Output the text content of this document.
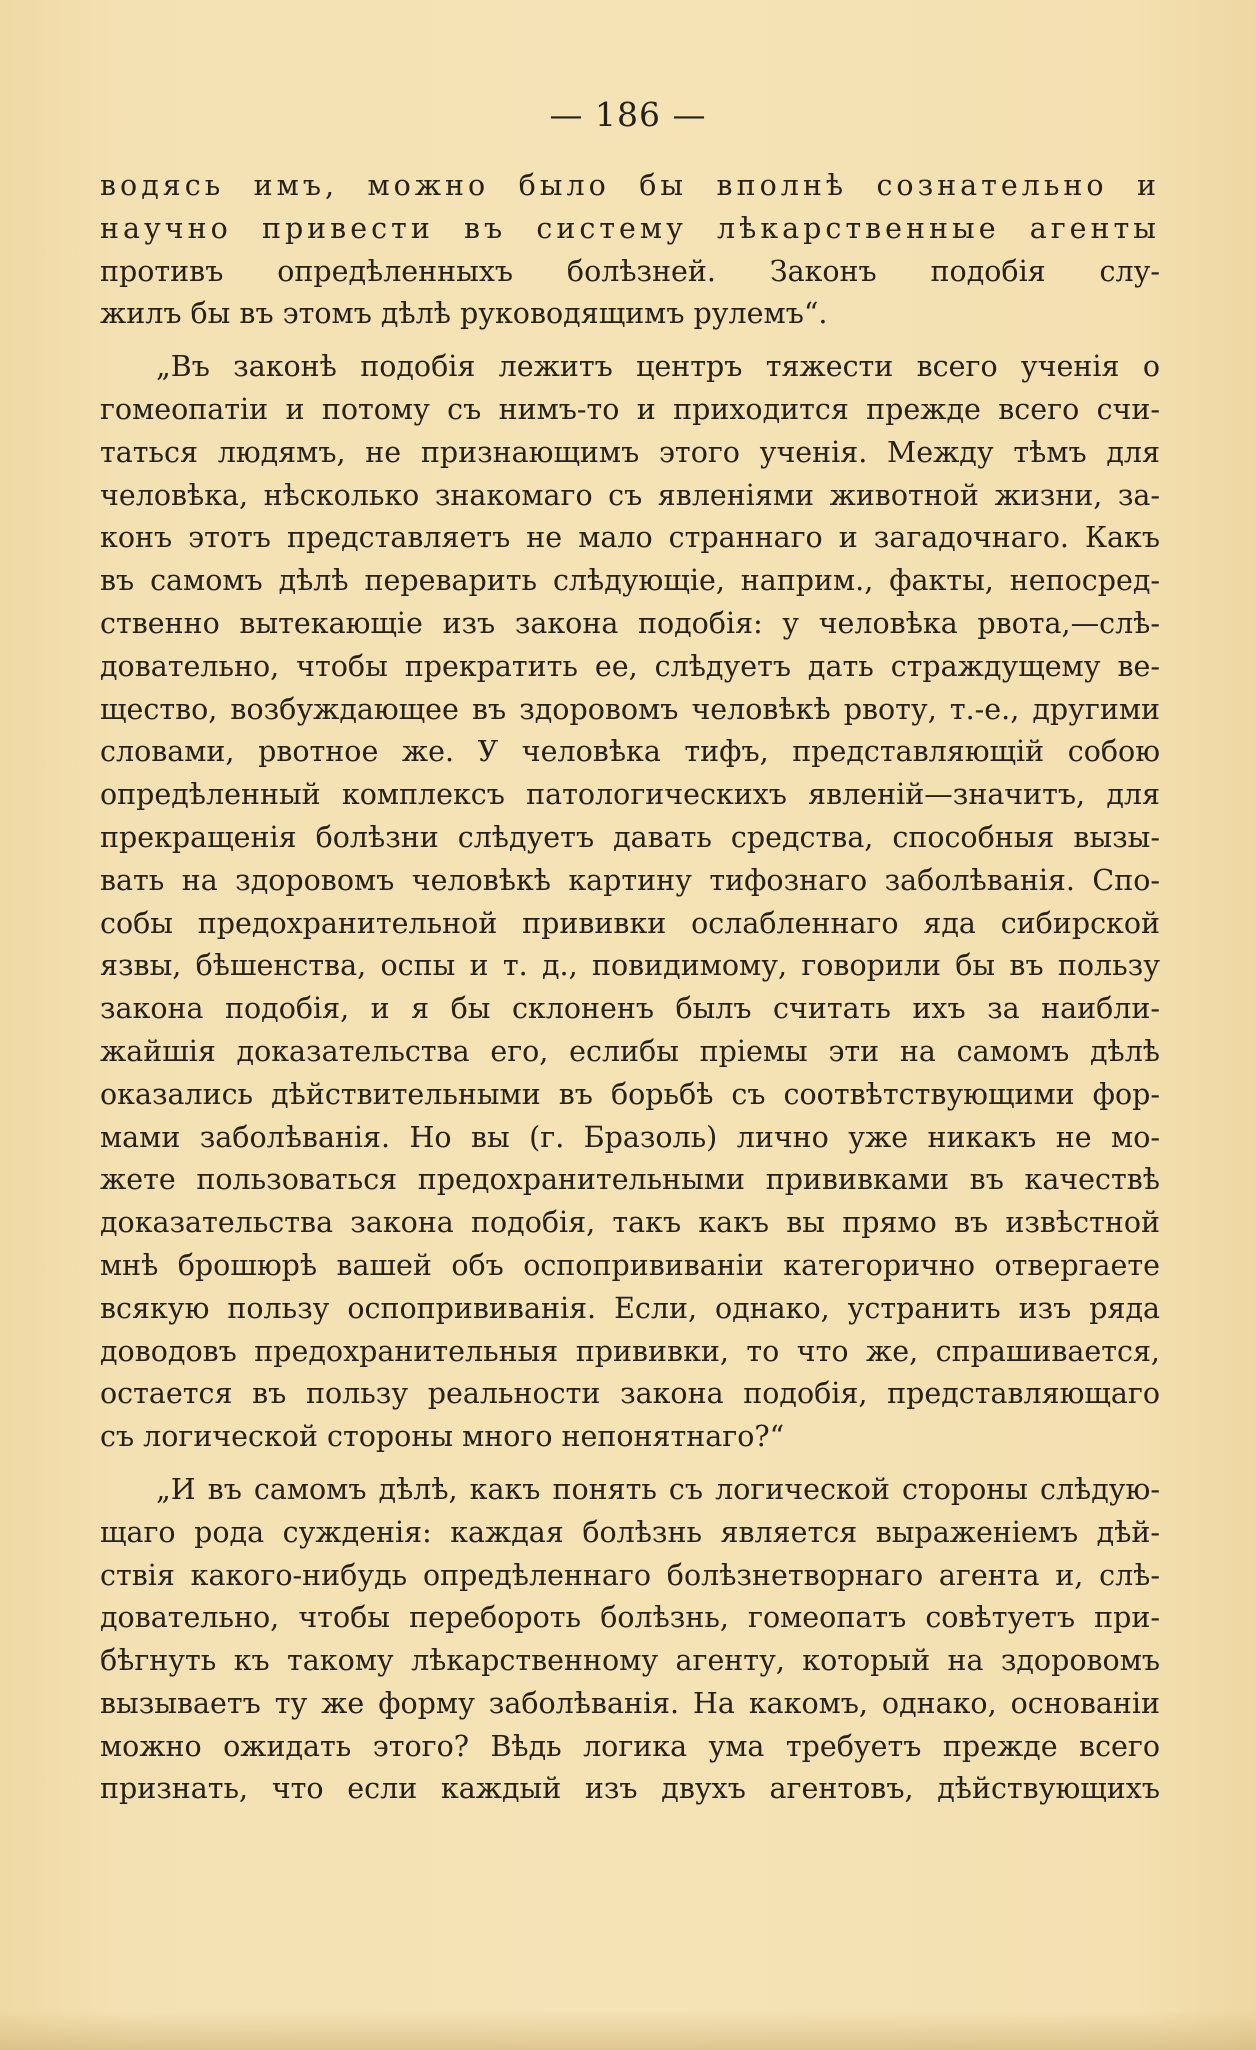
— 186 —
водясь имъ, можно было бы вполнѣ сознательно и
научно привести въ систему лѣкарственные агенты
противъ опредѣленныхъ болѣзней. Законъ подобія слу-
жилъ бы въ этомъ дѣлѣ руководящимъ рулемъ“.
„Въ законѣ подобія лежитъ центръ тяжести всего ученія о
гомеопатіи и потому съ нимъ-то и приходится прежде всего счи-
таться людямъ, не признающимъ этого ученія. Между тѣмъ для
человѣка, нѣсколько знакомаго съ явленіями животной жизни, за-
конъ этотъ представляетъ не мало страннаго и загадочнаго. Какъ
въ самомъ дѣлѣ переварить слѣдующіе, наприм., факты, непосред-
ственно вытекающіе изъ закона подобія: у человѣка рвота,—слѣ-
довательно, чтобы прекратить ее, слѣдуетъ дать страждущему ве-
щество, возбуждающее въ здоровомъ человѣкѣ рвоту, т.-е., другими
словами, рвотное же. У человѣка тифъ, представляющій собою
опредѣленный комплексъ патологическихъ явленій—значитъ, для
прекращенія болѣзни слѣдуетъ давать средства, способныя вызы-
вать на здоровомъ человѣкѣ картину тифознаго заболѣванія. Спо-
собы предохранительной прививки ослабленнаго яда сибирской
язвы, бѣшенства, оспы и т. д., повидимому, говорили бы въ пользу
закона подобія, и я бы склоненъ былъ считать ихъ за наибли-
жайшія доказательства его, еслибы пріемы эти на самомъ дѣлѣ
оказались дѣйствительными въ борьбѣ съ соотвѣтствующими фор-
мами заболѣванія. Но вы (г. Бразоль) лично уже никакъ не мо-
жете пользоваться предохранительными прививками въ качествѣ
доказательства закона подобія, такъ какъ вы прямо въ извѣстной
мнѣ брошюрѣ вашей объ оспопрививаніи категорично отвергаете
всякую пользу оспопрививанія. Если, однако, устранить изъ ряда
доводовъ предохранительныя прививки, то что же, спрашивается,
остается въ пользу реальности закона подобія, представляющаго
съ логической стороны много непонятнаго?“
„И въ самомъ дѣлѣ, какъ понять съ логической стороны слѣдую-
щаго рода сужденія: каждая болѣзнь является выраженіемъ дѣй-
ствія какого-нибудь опредѣленнаго болѣзнетворнаго агента и, слѣ-
довательно, чтобы перебороть болѣзнь, гомеопатъ совѣтуетъ при-
бѣгнуть къ такому лѣкарственному агенту, который на здоровомъ
вызываетъ ту же форму заболѣванія. На какомъ, однако, основаніи
можно ожидать этого? Вѣдь логика ума требуетъ прежде всего
признать, что если каждый изъ двухъ агентовъ, дѣйствующихъ
